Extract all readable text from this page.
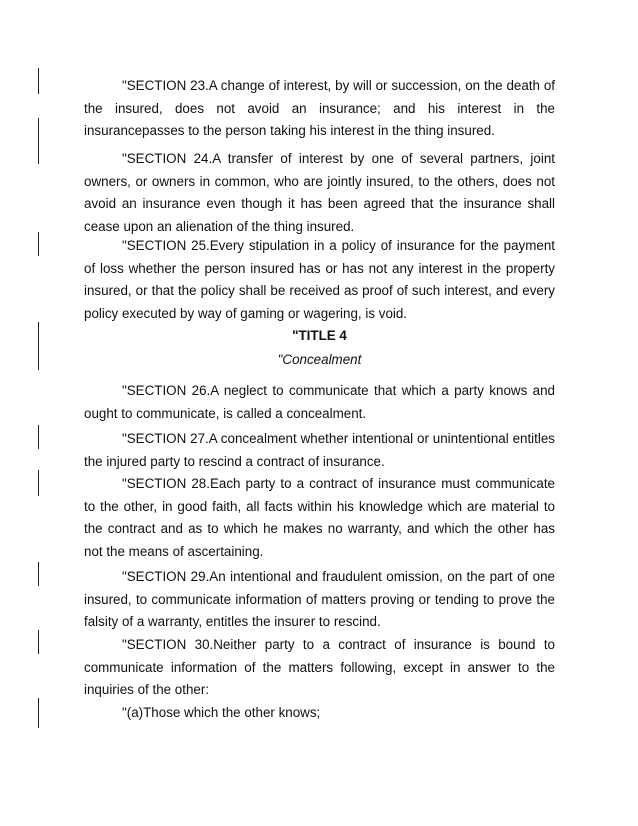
"SECTION 23.A change of interest, by will or succession, on the death of the insured, does not avoid an insurance; and his interest in the insurancepasses to the person taking his interest in the thing insured.

"SECTION 24.A transfer of interest by one of several partners, joint owners, or owners in common, who are jointly insured, to the others, does not avoid an insurance even though it has been agreed that the insurance shall cease upon an alienation of the thing insured.

"SECTION 25.Every stipulation in a policy of insurance for the payment of loss whether the person insured has or has not any interest in the property insured, or that the policy shall be received as proof of such interest, and every policy executed by way of gaming or wagering, is void.

"TITLE 4

"Concealment

"SECTION 26.A neglect to communicate that which a party knows and ought to communicate, is called a concealment.

"SECTION 27.A concealment whether intentional or unintentional entitles the injured party to rescind a contract of insurance.

"SECTION 28.Each party to a contract of insurance must communicate to the other, in good faith, all facts within his knowledge which are material to the contract and as to which he makes no warranty, and which the other has not the means of ascertaining.

"SECTION 29.An intentional and fraudulent omission, on the part of one insured, to communicate information of matters proving or tending to prove the falsity of a warranty, entitles the insurer to rescind.

"SECTION 30.Neither party to a contract of insurance is bound to communicate information of the matters following, except in answer to the inquiries of the other:

"(a)Those which the other knows;
